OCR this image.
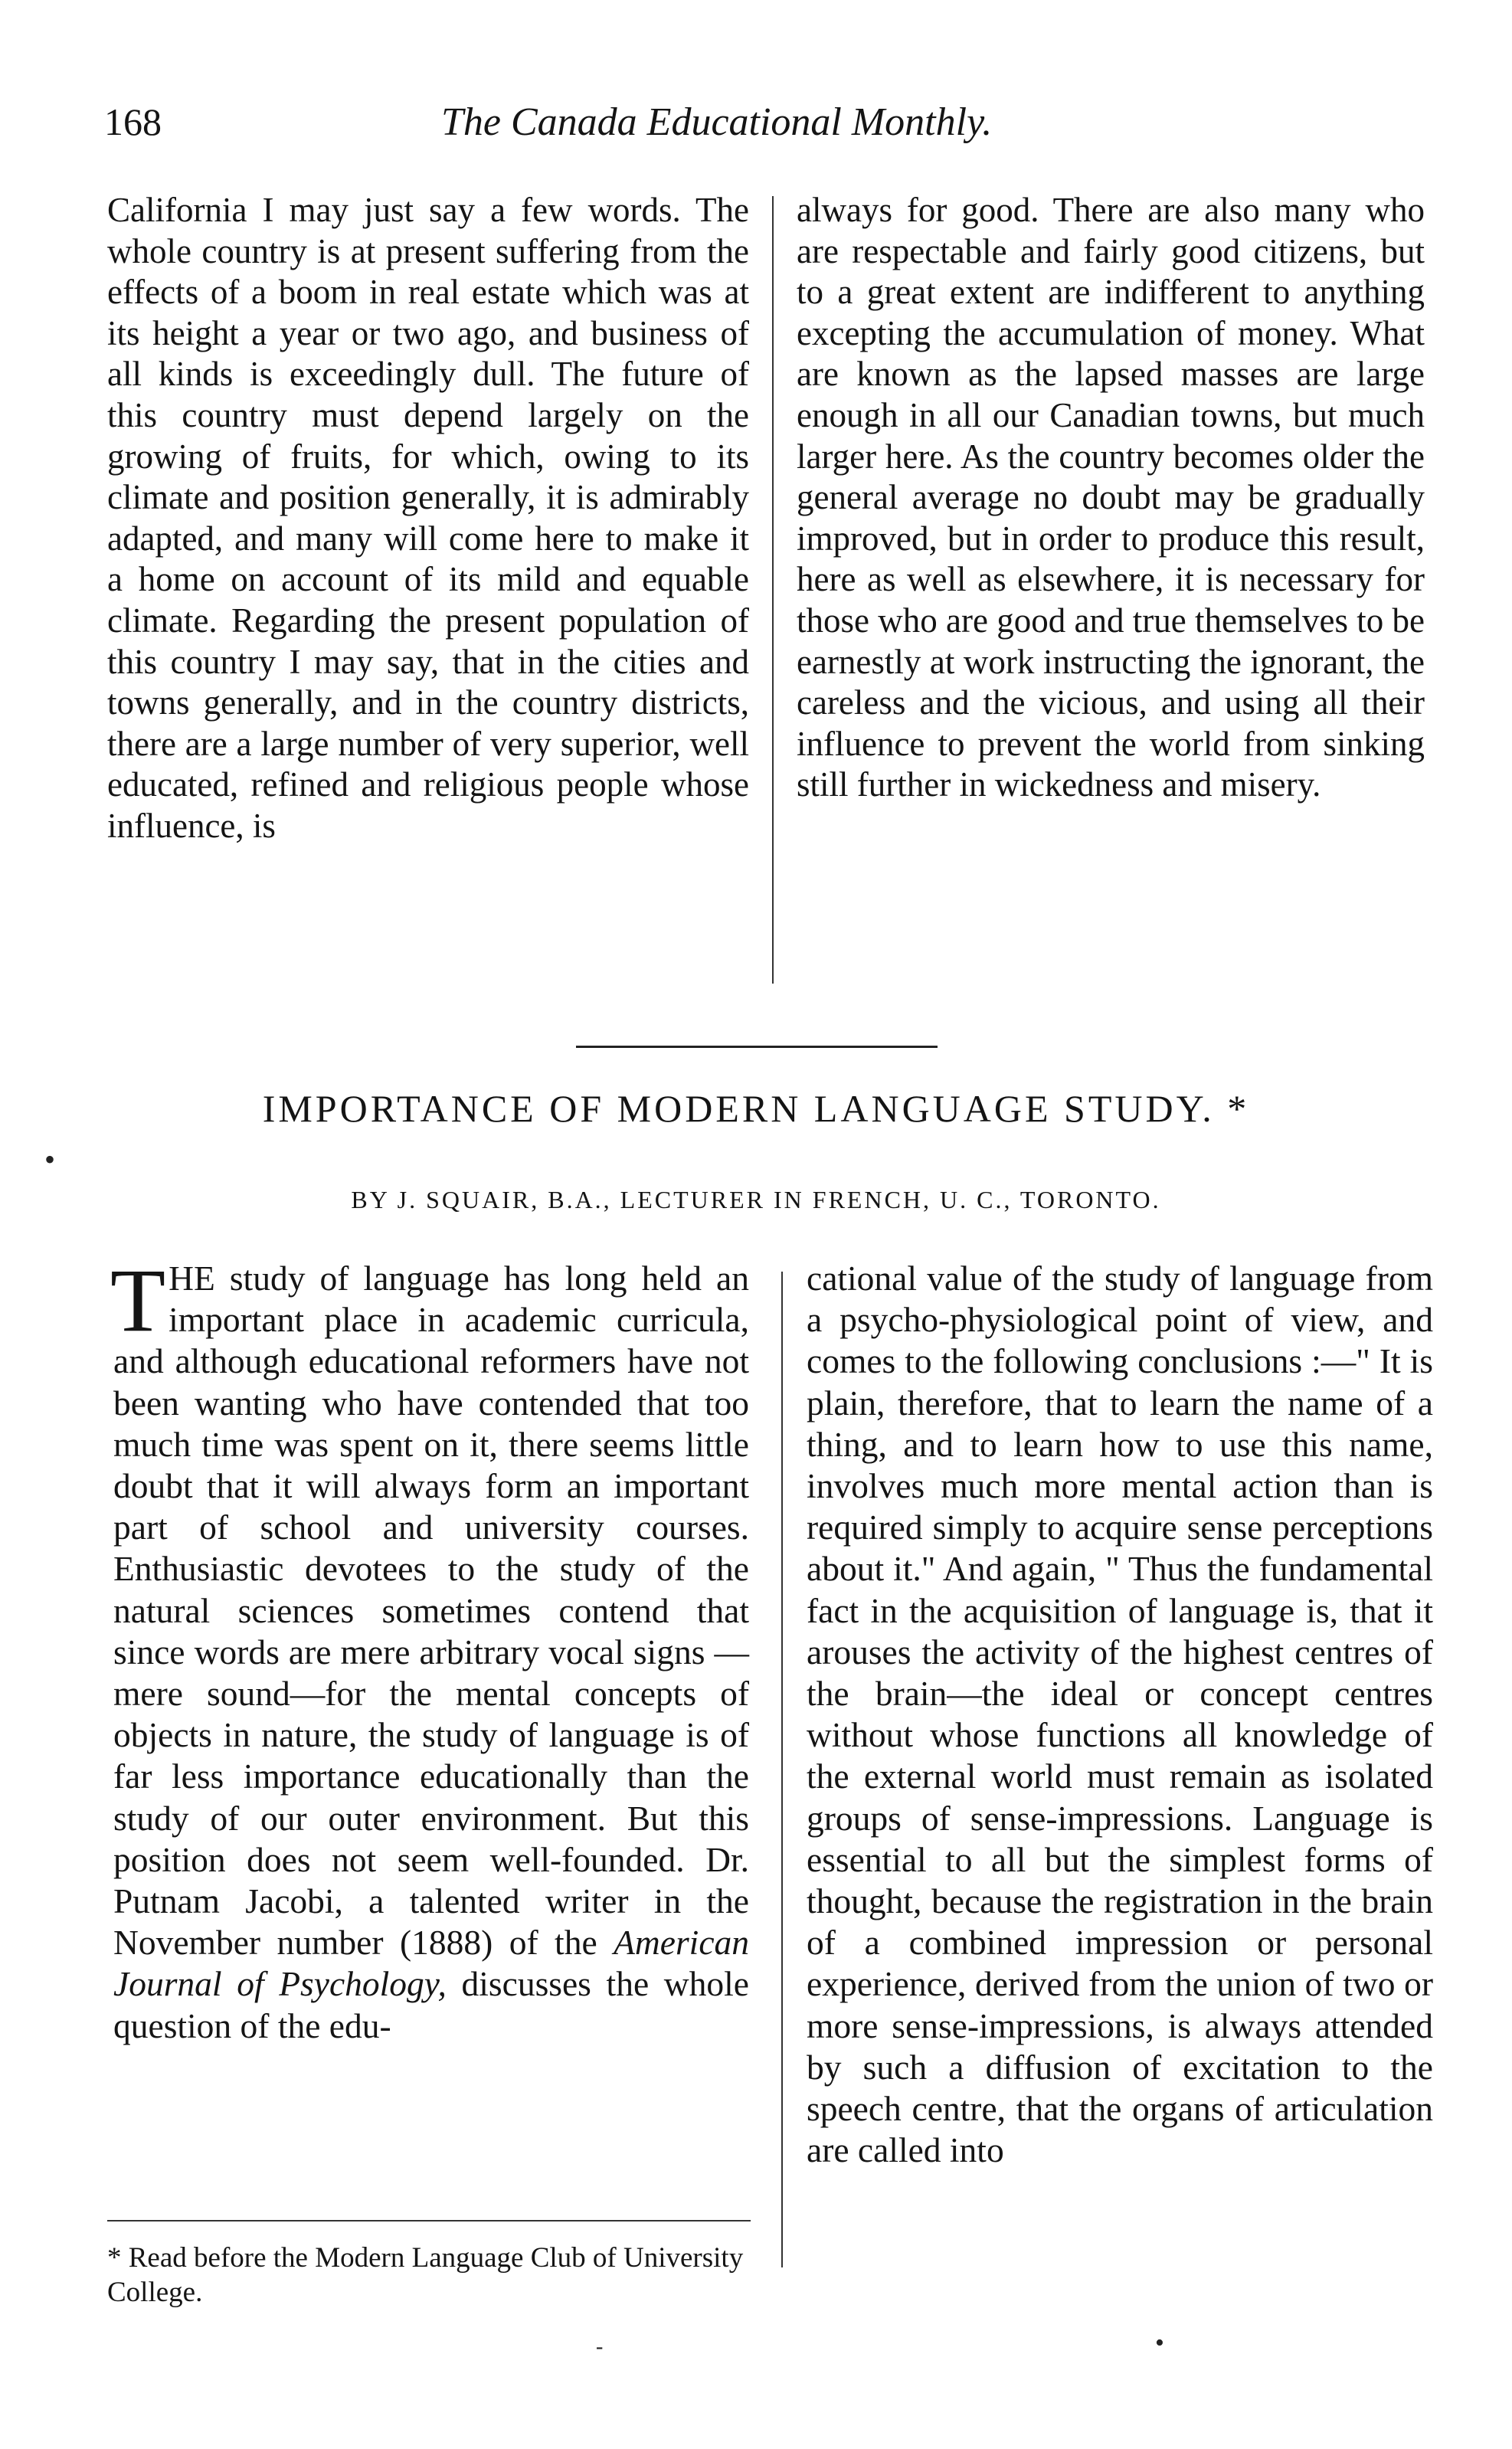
168	The Canada Educational Monthly.

California I may just say a few words. The whole country is at present suffering from the effects of a boom in real estate which was at its height a year or two ago, and business of all kinds is exceedingly dull. The future of this country must depend largely on the growing of fruits, for which, owing to its climate and position generally, it is admirably adapted, and many will come here to make it a home on account of its mild and equable climate. Regarding the present population of this country I may say, that in the cities and towns generally, and in the country districts, there are a large number of very superior, well educated, refined and religious people whose influence, is

always for good. There are also many who are respectable and fairly good citizens, but to a great extent are indifferent to anything excepting the accumulation of money. What are known as the lapsed masses are large enough in all our Canadian towns, but much larger here. As the country becomes older the general average no doubt may be gradually improved, but in order to produce this result, here as well as elsewhere, it is necessary for those who are good and true themselves to be earnestly at work instructing the ignorant, the careless and the vicious, and using all their influence to prevent the world from sinking still further in wickedness and misery.

IMPORTANCE OF MODERN LANGUAGE STUDY. *
BY J. SQUAIR, B.A., LECTURER IN FRENCH, U. C., TORONTO.

THE study of language has long held an important place in academic curricula, and although educational reformers have not been wanting who have contended that too much time was spent on it, there seems little doubt that it will always form an important part of school and university courses. Enthusiastic devotees to the study of the natural sciences sometimes contend that since words are mere arbitrary vocal signs —mere sound—for the mental concepts of objects in nature, the study of language is of far less importance educationally than the study of our outer environment. But this position does not seem well-founded. Dr. Putnam Jacobi, a talented writer in the November number (1888) of the American Journal of Psychology, discusses the whole question of the edu-

cational value of the study of language from a psycho-physiological point of view, and comes to the following conclusions :—" It is plain, therefore, that to learn the name of a thing, and to learn how to use this name, involves much more mental action than is required simply to acquire sense perceptions about it." And again, " Thus the fundamental fact in the acquisition of language is, that it arouses the activity of the highest centres of the brain—the ideal or concept centres without whose functions all knowledge of the external world must remain as isolated groups of sense-impressions. Language is essential to all but the simplest forms of thought, because the registration in the brain of a combined impression or personal experience, derived from the union of two or more sense-impressions, is always attended by such a diffusion of excitation to the speech centre, that the organs of articulation are called into

* Read before the Modern Language Club of University College.
•
•
-
